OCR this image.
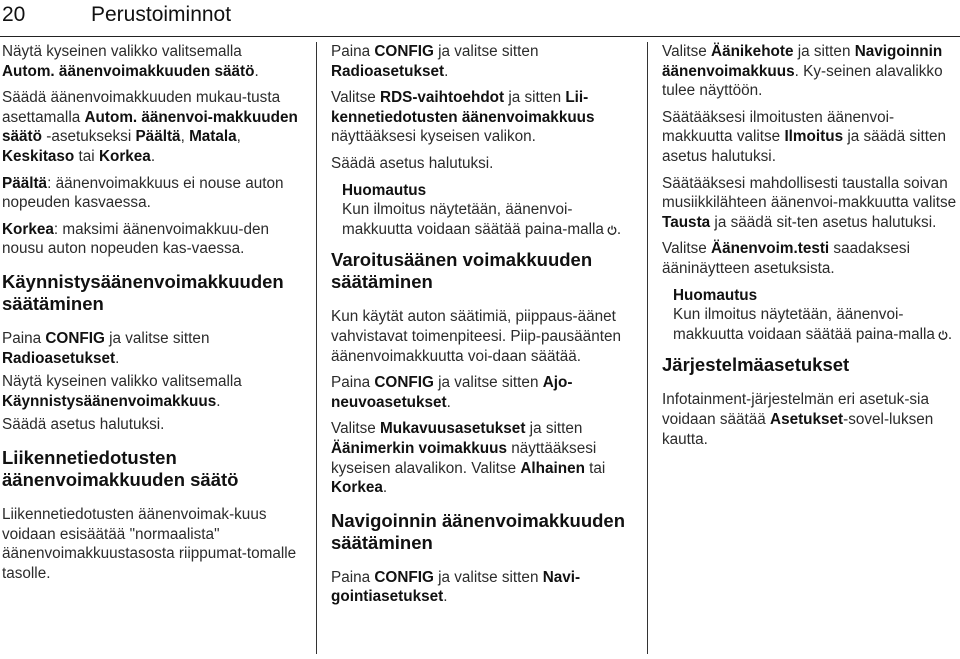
20	Perustoiminnot

Näytä kyseinen valikko valitsemalla Autom. äänenvoimakkuuden säätö.

Säädä äänenvoimakkuuden mukau-tusta asettamalla Autom. äänenvoi-makkuuden säätö -asetukseksi Päältä, Matala, Keskitaso tai Korkea.

Päältä: äänenvoimakkuus ei nouse auton nopeuden kasvaessa.

Korkea: maksimi äänenvoimakkuu-den nousu auton nopeuden kas-vaessa.

Käynnistysäänenvoimakkuuden säätäminen

Paina CONFIG ja valitse sitten Radioasetukset.

Näytä kyseinen valikko valitsemalla Käynnistysäänenvoimakkuus.

Säädä asetus halutuksi.

Liikennetiedotusten äänenvoimakkuuden säätö

Liikennetiedotusten äänenvoimak-kuus voidaan esisäätää "normaalista" äänenvoimakkuustasosta riippumat-tomalle tasolle.

Paina CONFIG ja valitse sitten Radioasetukset.

Valitse RDS-vaihtoehdot ja sitten Lii-kennetiedotusten äänenvoimakkuus näyttääksesi kyseisen valikon.

Säädä asetus halutuksi.

Huomautus
Kun ilmoitus näytetään, äänenvoi-makkuutta voidaan säätää paina-malla .
Varoitusäänen voimakkuuden säätäminen

Kun käytät auton säätimiä, piippaus-äänet vahvistavat toimenpiteesi. Piip-pausäänten äänenvoimakkuutta voi-daan säätää.

Paina CONFIG ja valitse sitten Ajo-neuvoasetukset.

Valitse Mukavuusasetukset ja sitten Äänimerkin voimakkuus näyttääksesi kyseisen alavalikon. Valitse Alhainen tai Korkea.

Navigoinnin äänenvoimakkuuden säätäminen

Paina CONFIG ja valitse sitten Navi-gointiasetukset.

Valitse Äänikehote ja sitten Navigoinnin äänenvoimakkuus. Ky-seinen alavalikko tulee näyttöön.

Säätääksesi ilmoitusten äänenvoi-makkuutta valitse Ilmoitus ja säädä sitten asetus halutuksi.

Säätääksesi mahdollisesti taustalla soivan musiikkilähteen äänenvoi-makkuutta valitse Tausta ja säädä sit-ten asetus halutuksi.

Valitse Äänenvoim.testi saadaksesi ääninäytteen asetuksista.

Huomautus
Kun ilmoitus näytetään, äänenvoi-makkuutta voidaan säätää paina-malla .
Järjestelmäasetukset

Infotainment-järjestelmän eri asetuk-sia voidaan säätää Asetukset-sovel-luksen kautta.
